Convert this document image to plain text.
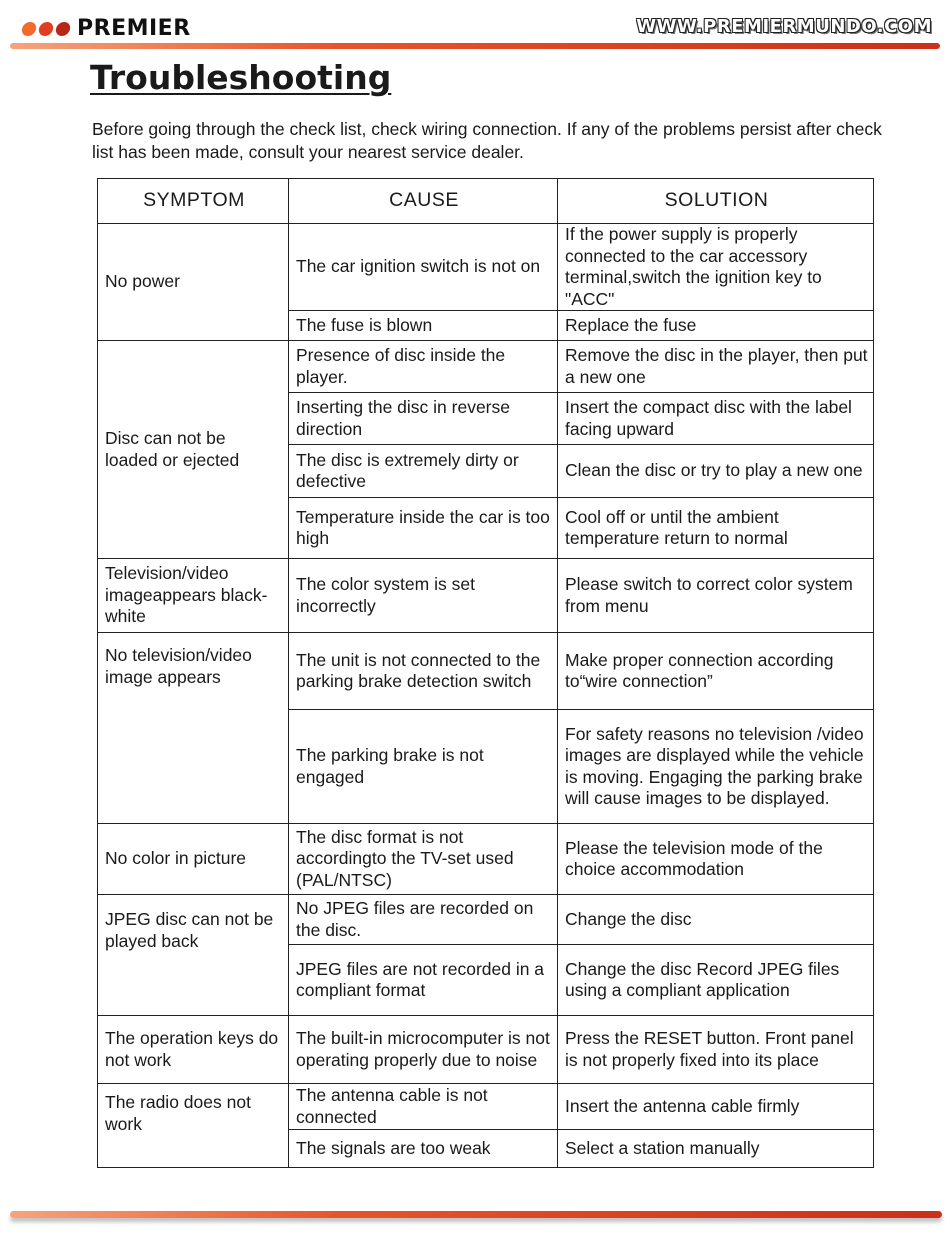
PREMIER	WWW.PREMIERMUNDO.COM
Troubleshooting
Before going through the check list, check wiring connection. If any of the problems persist after check list has been made, consult your nearest service dealer.
SYMPTOM	CAUSE	SOLUTION
No power	The car ignition switch is not on	If the power supply is properly connected to the car accessory terminal,switch the ignition key to "ACC"
	The fuse is blown	Replace the fuse
Disc can not be loaded or ejected	Presence of disc inside the player.	Remove the disc in the player, then put a new one
	Inserting the disc in reverse direction	Insert the compact disc with the label facing upward
	The disc is extremely dirty or defective	Clean the disc or try to play a new one
	Temperature inside the car is too high	Cool off or until the ambient temperature return to normal
Television/video imageappears black-white	The color system is set incorrectly	Please switch to correct color system from menu
No television/video image appears	The unit is not connected to the parking brake detection switch	Make proper connection according to“wire connection”
	The parking brake is not engaged	For safety reasons no television /video images are displayed while the vehicle is moving. Engaging the parking brake will cause images to be displayed.
No color in picture	The disc format is not accordingto the TV-set used (PAL/NTSC)	Please the television mode of the choice accommodation
JPEG disc can not be played back	No JPEG files are recorded on the disc.	Change the disc
	JPEG files are not recorded in a compliant format	Change the disc Record JPEG files using a compliant application
The operation keys do not work	The built-in microcomputer is not operating properly due to noise	Press the RESET button. Front panel is not properly fixed into its place
The radio does not work	The antenna cable is not connected	Insert the antenna cable firmly
	The signals are too weak	Select a station manually
